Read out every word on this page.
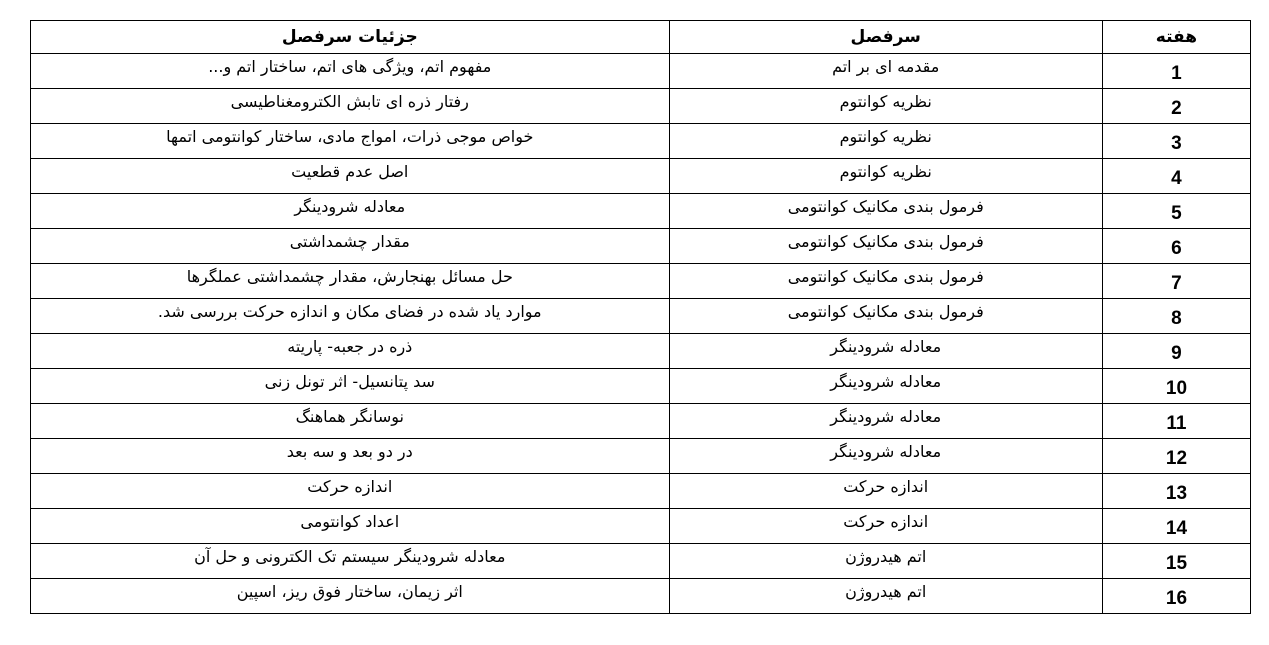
هفته	سرفصل	جزئیات سرفصل
1	مقدمه ای بر اتم	مفهوم اتم، ویژگی های اتم، ساختار اتم و...
2	نظریه کوانتوم	رفتار ذره ای تابش الکترومغناطیسی
3	نظریه کوانتوم	خواص موجی ذرات، امواج مادی، ساختار کوانتومی اتمها
4	نظریه کوانتوم	اصل عدم قطعیت
5	فرمول بندی مکانیک کوانتومی	معادله شرودینگر
6	فرمول بندی مکانیک کوانتومی	مقدار چشمداشتی
7	فرمول بندی مکانیک کوانتومی	حل مسائل بهنجارش، مقدار چشمداشتی عملگرها
8	فرمول بندی مکانیک کوانتومی	موارد یاد شده در فضای مکان و اندازه حرکت بررسی شد.
9	معادله شرودینگر	ذره در جعبه- پاریته
10	معادله شرودینگر	سد پتانسیل- اثر تونل زنی
11	معادله شرودینگر	نوسانگر هماهنگ
12	معادله شرودینگر	در دو بعد و سه بعد
13	اندازه حرکت	اندازه حرکت
14	اندازه حرکت	اعداد کوانتومی
15	اتم هیدروژن	معادله شرودینگر سیستم تک الکترونی و حل آن
16	اتم هیدروژن	اثر زیمان، ساختار فوق ریز، اسپین
